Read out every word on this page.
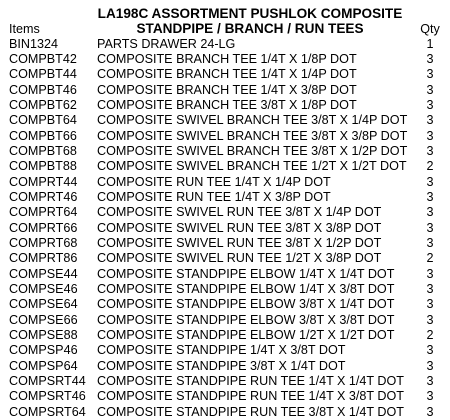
LA198C ASSORTMENT PUSHLOK COMPOSITE
STANDPIPE / BRANCH / RUN TEES
Items	Qty
BIN1324	PARTS DRAWER 24-LG	1
COMPBT42 COMPOSITE BRANCH TEE 1/4T X 1/8P DOT	3
COMPBT44 COMPOSITE BRANCH TEE 1/4T X 1/4P DOT	3
COMPBT46 COMPOSITE BRANCH TEE 1/4T X 3/8P DOT	3
COMPBT62 COMPOSITE BRANCH TEE 3/8T X 1/8P DOT	3
COMPBT64 COMPOSITE SWIVEL BRANCH TEE 3/8T X 1/4P DOT	3
COMPBT66 COMPOSITE SWIVEL BRANCH TEE 3/8T X 3/8P DOT	3
COMPBT68 COMPOSITE SWIVEL BRANCH TEE 3/8T X 1/2P DOT	3
COMPBT88 COMPOSITE SWIVEL BRANCH TEE 1/2T X 1/2T DOT	2
COMPRT44 COMPOSITE RUN TEE 1/4T X 1/4P DOT	3
COMPRT46 COMPOSITE RUN TEE 1/4T X 3/8P DOT	3
COMPRT64 COMPOSITE SWIVEL RUN TEE 3/8T X 1/4P DOT	3
COMPRT66 COMPOSITE SWIVEL RUN TEE 3/8T X 3/8P DOT	3
COMPRT68 COMPOSITE SWIVEL RUN TEE 3/8T X 1/2P DOT	3
COMPRT86 COMPOSITE SWIVEL RUN TEE 1/2T X 3/8P DOT	2
COMPSE44 COMPOSITE STANDPIPE ELBOW 1/4T X 1/4T DOT	3
COMPSE46 COMPOSITE STANDPIPE ELBOW 1/4T X 3/8T DOT	3
COMPSE64 COMPOSITE STANDPIPE ELBOW 3/8T X 1/4T DOT	3
COMPSE66 COMPOSITE STANDPIPE ELBOW 3/8T X 3/8T DOT	3
COMPSE88 COMPOSITE STANDPIPE ELBOW 1/2T X 1/2T DOT	2
COMPSP46 COMPOSITE STANDPIPE 1/4T X 3/8T DOT	3
COMPSP64 COMPOSITE STANDPIPE 3/8T X 1/4T DOT	3
COMPSRT44 COMPOSITE STANDPIPE RUN TEE 1/4T X 1/4T DOT	3
COMPSRT46 COMPOSITE STANDPIPE RUN TEE 1/4T X 3/8T DOT	3
COMPSRT64 COMPOSITE STANDPIPE RUN TEE 3/8T X 1/4T DOT	3
